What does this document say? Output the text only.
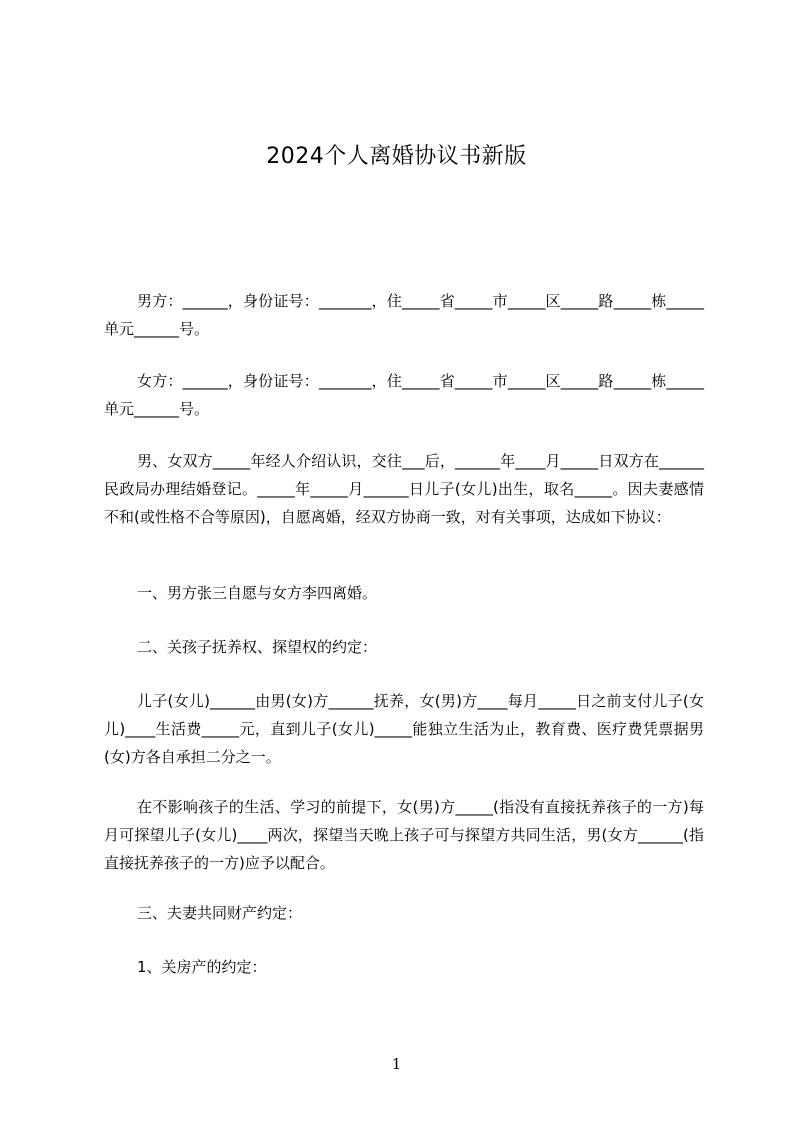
2024个人离婚协议书新版

男方：______，身份证号：_______，住_____省_____市_____区_____路_____栋_____单元______号。

女方：______，身份证号：_______，住_____省_____市_____区_____路_____栋_____单元______号。

男、女双方_____年经人介绍认识，交往___后，______年____月_____日双方在______民政局办理结婚登记。_____年_____月______日儿子(女儿)出生，取名_____。因夫妻感情不和(或性格不合等原因)，自愿离婚，经双方协商一致，对有关事项，达成如下协议：

一、男方张三自愿与女方李四离婚。

二、关孩子抚养权、探望权的约定：

儿子(女儿)______由男(女)方______抚养，女(男)方____每月_____日之前支付儿子(女儿)____生活费_____元，直到儿子(女儿)_____能独立生活为止，教育费、医疗费凭票据男(女)方各自承担二分之一。

在不影响孩子的生活、学习的前提下，女(男)方_____(指没有直接抚养孩子的一方)每月可探望儿子(女儿)____两次，探望当天晚上孩子可与探望方共同生活，男(女方______(指直接抚养孩子的一方)应予以配合。

三、夫妻共同财产约定：

1、关房产的约定：

1
